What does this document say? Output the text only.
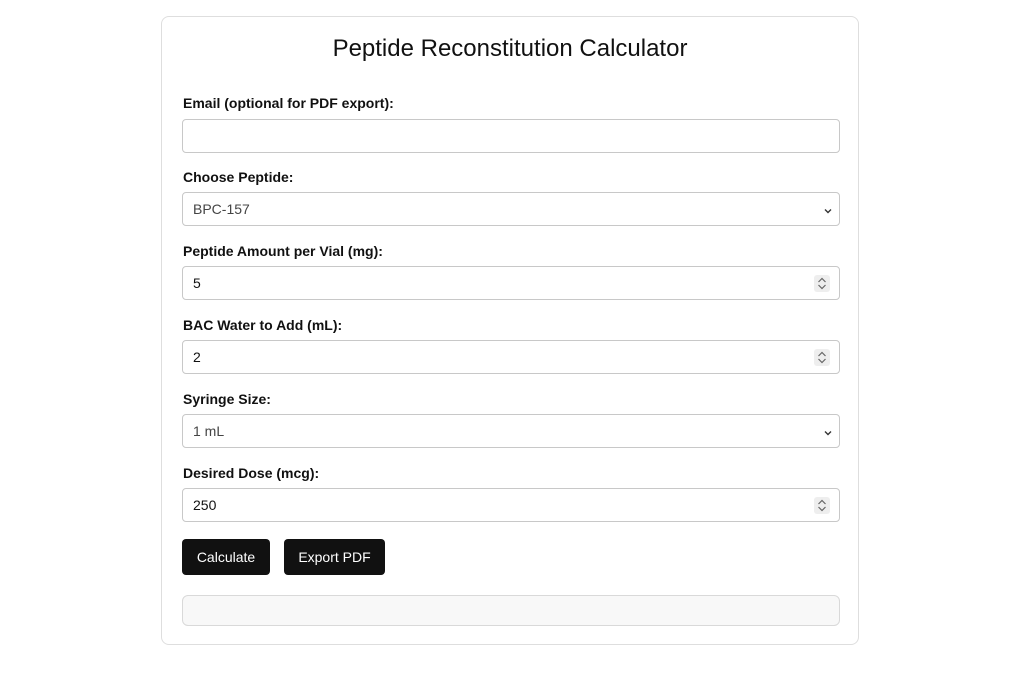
Peptide Reconstitution Calculator
Email (optional for PDF export):
Choose Peptide:
BPC-157
Peptide Amount per Vial (mg):
5
BAC Water to Add (mL):
2
Syringe Size:
1 mL
Desired Dose (mcg):
250
Calculate	Export PDF
